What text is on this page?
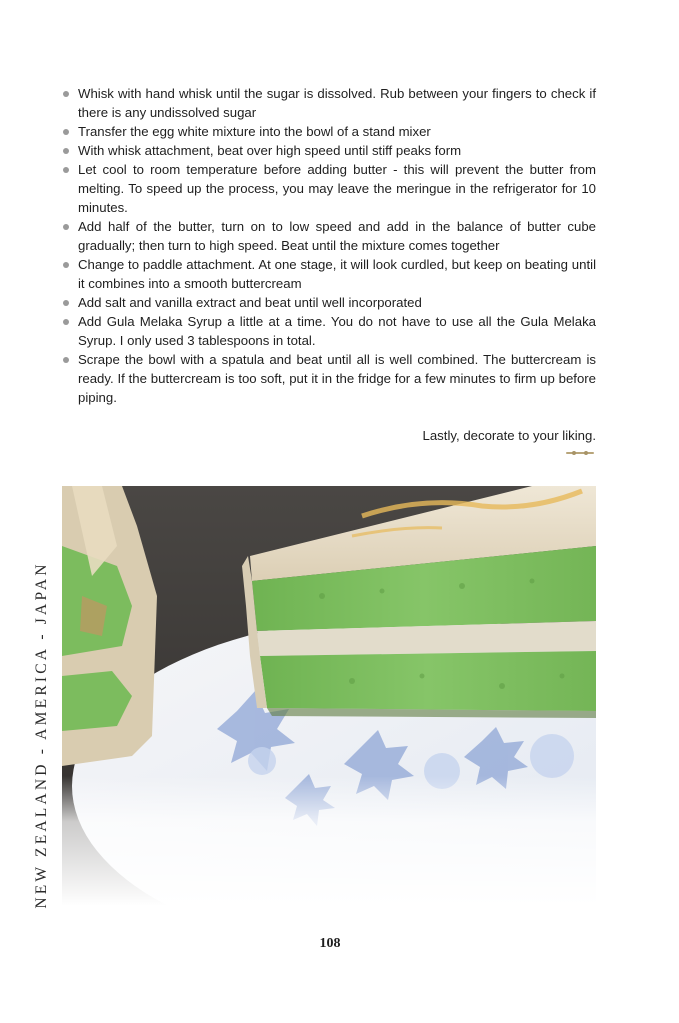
Whisk with hand whisk until the sugar is dissolved. Rub between your fingers to check if there is any undissolved sugar
Transfer the egg white mixture into the bowl of a stand mixer
With whisk attachment, beat over high speed until stiff peaks form
Let cool to room temperature before adding butter - this will prevent the butter from melting. To speed up the process, you may leave the meringue in the refrigerator for 10 minutes.
Add half of the butter, turn on to low speed and add in the balance of butter cube gradually; then turn to high speed. Beat until the mixture comes together
Change to paddle attachment. At one stage, it will look curdled, but keep on beating until it combines into a smooth buttercream
Add salt and vanilla extract and beat until well incorporated
Add Gula Melaka Syrup a little at a time. You do not have to use all the Gula Melaka Syrup. I only used 3 tablespoons in total.
Scrape the bowl with a spatula and beat until all is well combined. The buttercream is ready. If the buttercream is too soft, put it in the fridge for a few minutes to firm up before piping.
Lastly, decorate to your liking.
NEW ZEALAND - AMERICA - JAPAN
108
